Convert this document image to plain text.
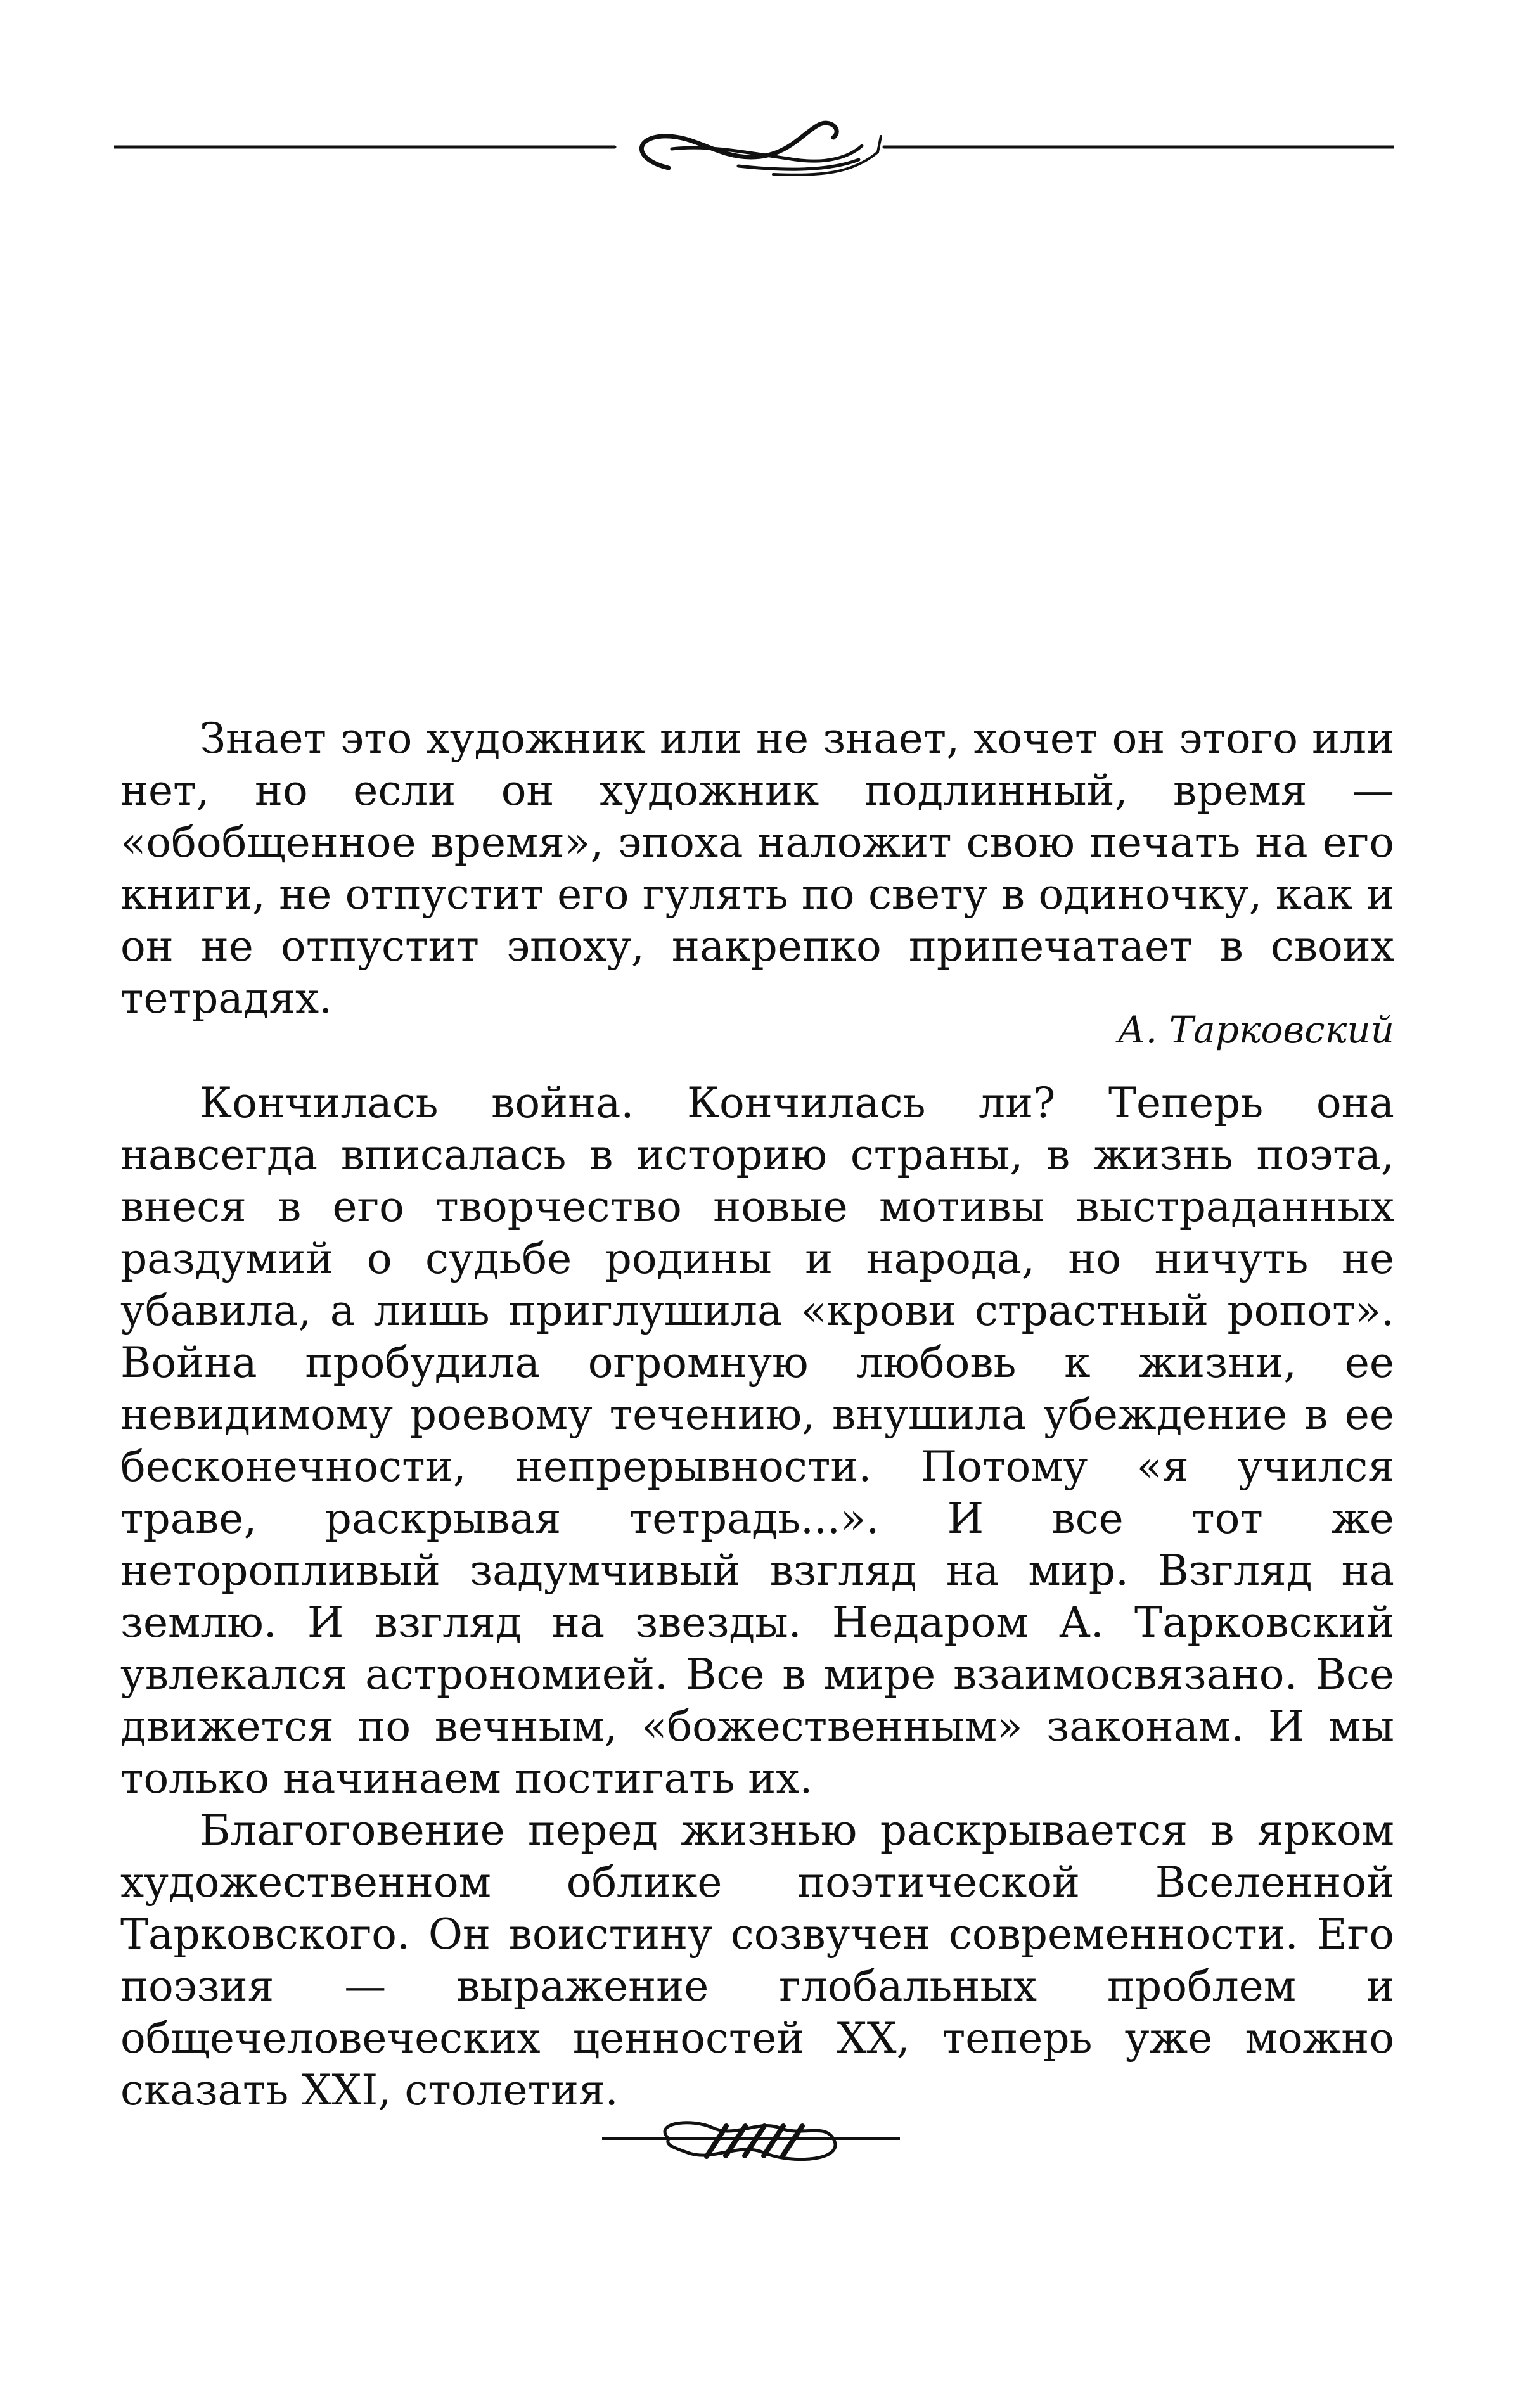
Знает это художник или не знает, хочет он этого или нет, но если он художник подлинный, время — «обобщенное время», эпоха наложит свою печать на его книги, не отпустит его гулять по свету в одиночку, как и он не отпустит эпоху, накрепко припечатает в своих тетрадях.

А. Тарковский

Кончилась война. Кончилась ли? Теперь она навсегда вписалась в историю страны, в жизнь поэта, внеся в его творчество новые мотивы выстраданных раздумий о судьбе родины и народа, но ничуть не убавила, а лишь приглушила «крови страстный ропот». Война пробудила огромную любовь к жизни, ее невидимому роевому течению, внушила убеждение в ее бесконечности, непрерывности. Потому «я учился траве, раскрывая тетрадь...». И все тот же неторопливый задумчивый взгляд на мир. Взгляд на землю. И взгляд на звезды. Недаром А. Тарковский увлекался астрономией. Все в мире взаимосвязано. Все движется по вечным, «божественным» законам. И мы только начинаем постигать их.

Благоговение перед жизнью раскрывается в ярком художественном облике поэтической Вселенной Тарковского. Он воистину созвучен современности. Его поэзия — выражение глобальных проблем и общечеловеческих ценностей XX, теперь уже можно сказать XXI, столетия.
